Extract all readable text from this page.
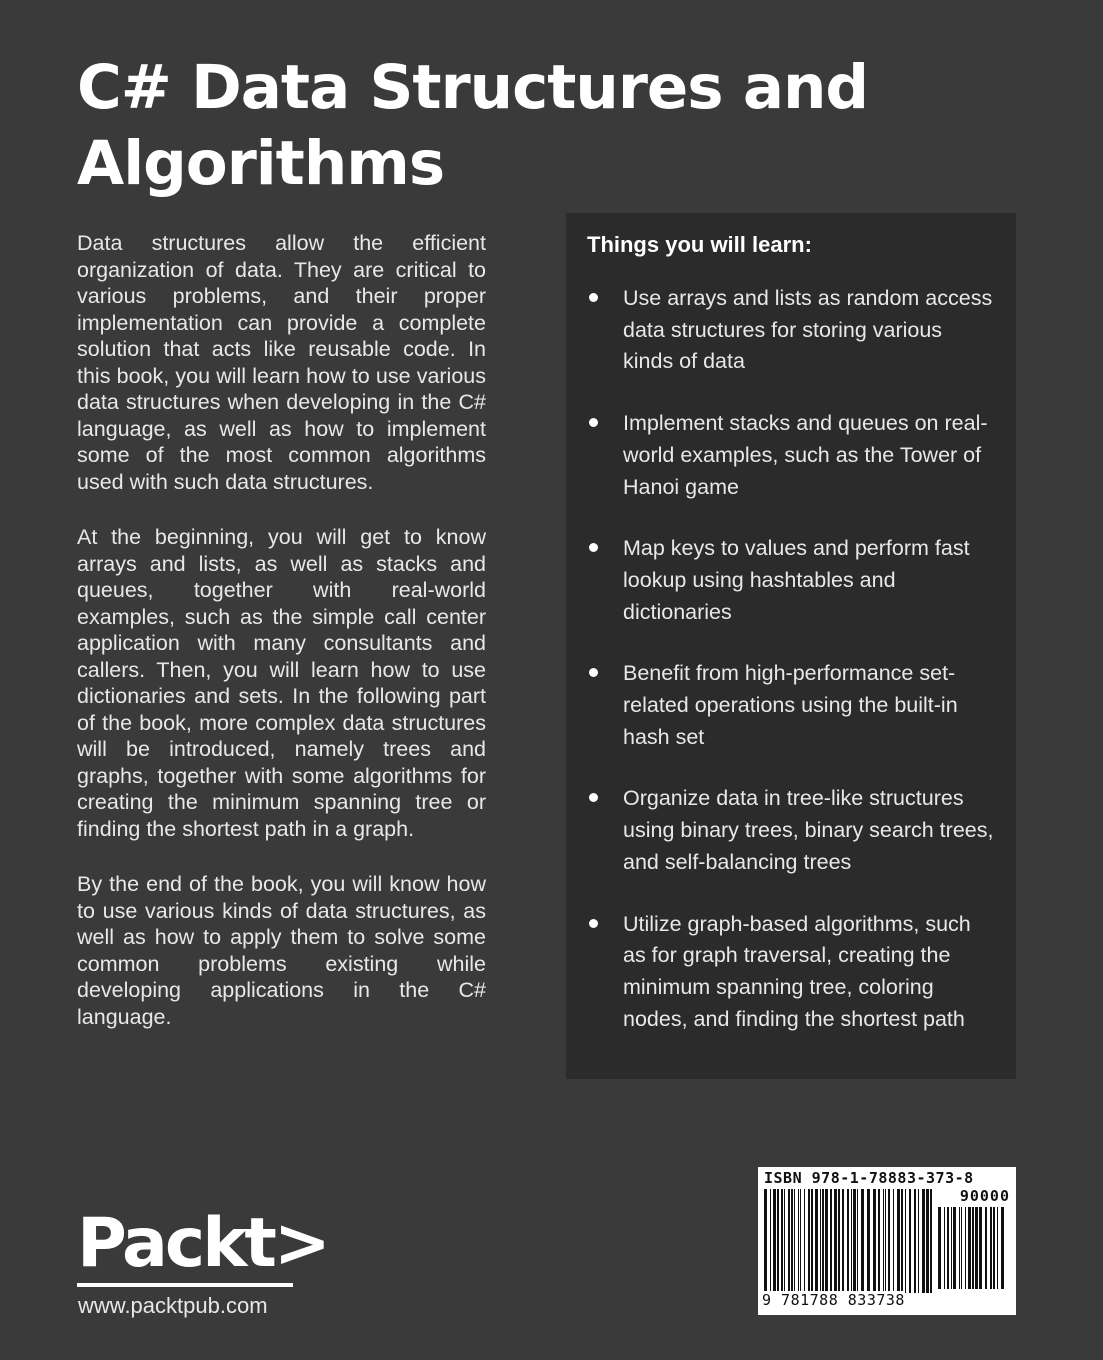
C# Data Structures and Algorithms

Data structures allow the efficient organization of data. They are critical to various problems, and their proper implementation can provide a complete solution that acts like reusable code. In this book, you will learn how to use various data structures when developing in the C# language, as well as how to implement some of the most common algorithms used with such data structures.

At the beginning, you will get to know arrays and lists, as well as stacks and queues, together with real-world examples, such as the simple call center application with many consultants and callers. Then, you will learn how to use dictionaries and sets. In the following part of the book, more complex data structures will be introduced, namely trees and graphs, together with some algorithms for creating the minimum spanning tree or finding the shortest path in a graph.

By the end of the book, you will know how to use various kinds of data structures, as well as how to apply them to solve some common problems existing while developing applications in the C# language.

Things you will learn:
Use arrays and lists as random access data structures for storing various kinds of data
Implement stacks and queues on real-world examples, such as the Tower of Hanoi game
Map keys to values and perform fast lookup using hashtables and dictionaries
Benefit from high-performance set-related operations using the built-in hash set
Organize data in tree-like structures using binary trees, binary search trees, and self-balancing trees
Utilize graph-based algorithms, such as for graph traversal, creating the minimum spanning tree, coloring nodes, and finding the shortest path
Packt>
www.packtpub.com
ISBN 978-1-78883-373-8
90000
9 781788 833738
